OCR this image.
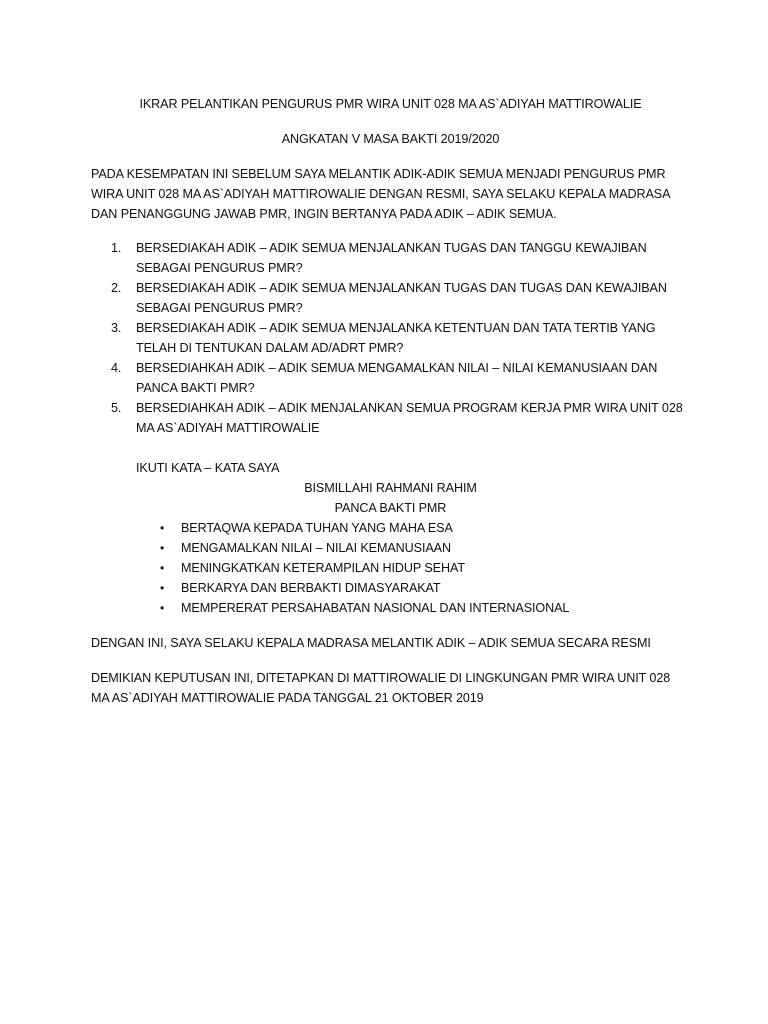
IKRAR PELANTIKAN PENGURUS PMR WIRA UNIT 028 MA AS`ADIYAH MATTIROWALIE

ANGKATAN V MASA BAKTI 2019/2020

PADA KESEMPATAN INI SEBELUM SAYA MELANTIK ADIK-ADIK SEMUA MENJADI PENGURUS PMR WIRA UNIT 028 MA AS`ADIYAH MATTIROWALIE DENGAN RESMI, SAYA SELAKU KEPALA MADRASA DAN PENANGGUNG JAWAB PMR, INGIN BERTANYA PADA ADIK – ADIK SEMUA.

1. BERSEDIAKAH ADIK – ADIK SEMUA MENJALANKAN TUGAS DAN TANGGU KEWAJIBAN SEBAGAI PENGURUS PMR?
2. BERSEDIAKAH ADIK – ADIK SEMUA MENJALANKAN TUGAS DAN TUGAS DAN KEWAJIBAN SEBAGAI PENGURUS PMR?
3. BERSEDIAKAH ADIK – ADIK SEMUA MENJALANKA KETENTUAN DAN TATA TERTIB YANG TELAH DI TENTUKAN DALAM AD/ADRT PMR?
4. BERSEDIAHKAH ADIK – ADIK SEMUA MENGAMALKAN NILAI – NILAI KEMANUSIAAN DAN PANCA BAKTI PMR?
5. BERSEDIAHKAH ADIK – ADIK MENJALANKAN SEMUA PROGRAM KERJA PMR WIRA UNIT 028 MA AS`ADIYAH MATTIROWALIE

IKUTI KATA – KATA SAYA

BISMILLAHI RAHMANI RAHIM

PANCA BAKTI PMR

• BERTAQWA KEPADA TUHAN YANG MAHA ESA
• MENGAMALKAN NILAI – NILAI KEMANUSIAAN
• MENINGKATKAN KETERAMPILAN HIDUP SEHAT
• BERKARYA DAN BERBAKTI DIMASYARAKAT
• MEMPERERAT PERSAHABATAN NASIONAL DAN INTERNASIONAL

DENGAN INI, SAYA SELAKU KEPALA MADRASA MELANTIK ADIK – ADIK SEMUA SECARA RESMI

DEMIKIAN KEPUTUSAN INI, DITETAPKAN DI MATTIROWALIE DI LINGKUNGAN PMR WIRA UNIT 028 MA AS`ADIYAH MATTIROWALIE PADA TANGGAL 21 OKTOBER 2019
